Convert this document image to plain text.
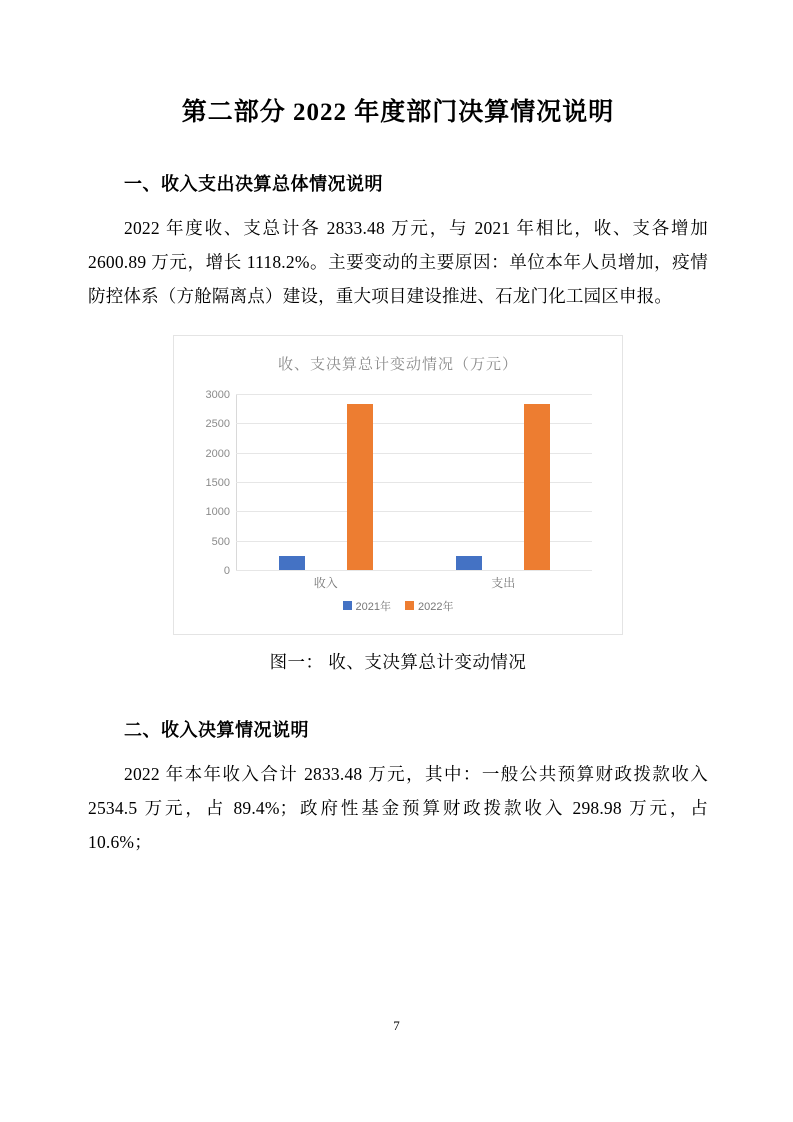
第二部分 2022 年度部门决算情况说明
一、收入支出决算总体情况说明

2022 年度收、支总计各 2833.48 万元，与 2021 年相比，收、支各增加 2600.89 万元，增长 1118.2%。主要变动的主要原因：单位本年人员增加，疫情防控体系（方舱隔离点）建设，重大项目建设推进、石龙门化工园区申报。

收、支决算总计变动情况（万元）
3000
2500
2000
1500
1000
500
0
收入	支出
2021年 2022年
图一： 收、支决算总计变动情况
二、收入决算情况说明

2022 年本年收入合计 2833.48 万元，其中：一般公共预算财政拨款收入 2534.5 万元，占 89.4%；政府性基金预算财政拨款收入 298.98 万元，占 10.6%；

7
